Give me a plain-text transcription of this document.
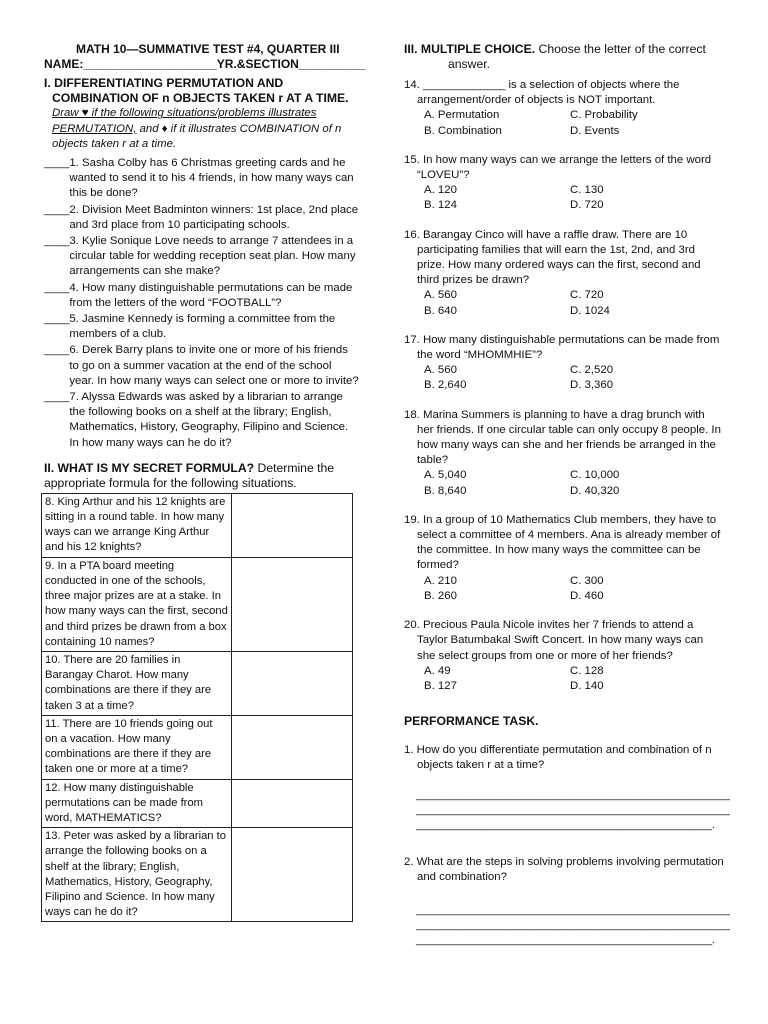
MATH 10—SUMMATIVE TEST #4, QUARTER III
NAME:____________________YR.&SECTION__________
I. DIFFERENTIATING PERMUTATION AND
COMBINATION OF n OBJECTS TAKEN r AT A TIME.
Draw ♥ if the following situations/problems illustrates PERMUTATION, and ♦ if it illustrates COMBINATION of n objects taken r at a time.
____ 1. Sasha Colby has 6 Christmas greeting cards and he wanted to send it to his 4 friends, in how many ways can this be done?
____ 2. Division Meet Badminton winners: 1st place, 2nd place and 3rd place from 10 participating schools.
____ 3. Kylie Sonique Love needs to arrange 7 attendees in a circular table for wedding reception seat plan. How many arrangements can she make?
____ 4. How many distinguishable permutations can be made from the letters of the word “FOOTBALL”?
____ 5. Jasmine Kennedy is forming a committee from the members of a club.
____ 6. Derek Barry plans to invite one or more of his friends to go on a summer vacation at the end of the school year. In how many ways can select one or more to invite?
____ 7. Alyssa Edwards was asked by a librarian to arrange the following books on a shelf at the library; English, Mathematics, History, Geography, Filipino and Science. In how many ways can he do it?
II. WHAT IS MY SECRET FORMULA? Determine the appropriate formula for the following situations.
8. King Arthur and his 12 knights are sitting in a round table. In how many ways can we arrange King Arthur and his 12 knights?	
9. In a PTA board meeting conducted in one of the schools, three major prizes are at a stake. In how many ways can the first, second and third prizes be drawn from a box containing 10 names?	
10. There are 20 families in Barangay Charot. How many combinations are there if they are taken 3 at a time?	
11. There are 10 friends going out on a vacation. How many combinations are there if they are taken one or more at a time?	
12. How many distinguishable permutations can be made from word, MATHEMATICS?	
13. Peter was asked by a librarian to arrange the following books on a shelf at the library; English, Mathematics, History, Geography, Filipino and Science. In how many ways can he do it?	
III. MULTIPLE CHOICE. Choose the letter of the correct answer.
14. _____________ is a selection of objects where the arrangement/order of objects is NOT important.
A. Permutation	C. Probability
B. Combination	D. Events
15. In how many ways can we arrange the letters of the word “LOVEU”?
A. 120	C. 130
B. 124	D. 720
16. Barangay Cinco will have a raffle draw. There are 10 participating families that will earn the 1st, 2nd, and 3rd prize. How many ordered ways can the first, second and third prizes be drawn?
A. 560	C. 720
B. 640	D. 1024
17. How many distinguishable permutations can be made from the word “MHOMMHIE”?
A. 560	C. 2,520
B. 2,640	D. 3,360
18. Marina Summers is planning to have a drag brunch with her friends. If one circular table can only occupy 8 people. In how many ways can she and her friends be arranged in the table?
A. 5,040	C. 10,000
B. 8,640	D. 40,320
19. In a group of 10 Mathematics Club members, they have to select a committee of 4 members. Ana is already member of the committee. In how many ways the committee can be formed?
A. 210	C. 300
B. 260	D. 460
20. Precious Paula Nicole invites her 7 friends to attend a Taylor Batumbakal Swift Concert. In how many ways can she select groups from one or more of her friends?
A. 49	C. 128
B. 127	D. 140
PERFORMANCE TASK.
1. How do you differentiate permutation and combination of n objects taken r at a time?
_____________________________________________________
_____________________________________________________
__________________________________________________.
2. What are the steps in solving problems involving permutation and combination?
_____________________________________________________
_____________________________________________________
__________________________________________________.
